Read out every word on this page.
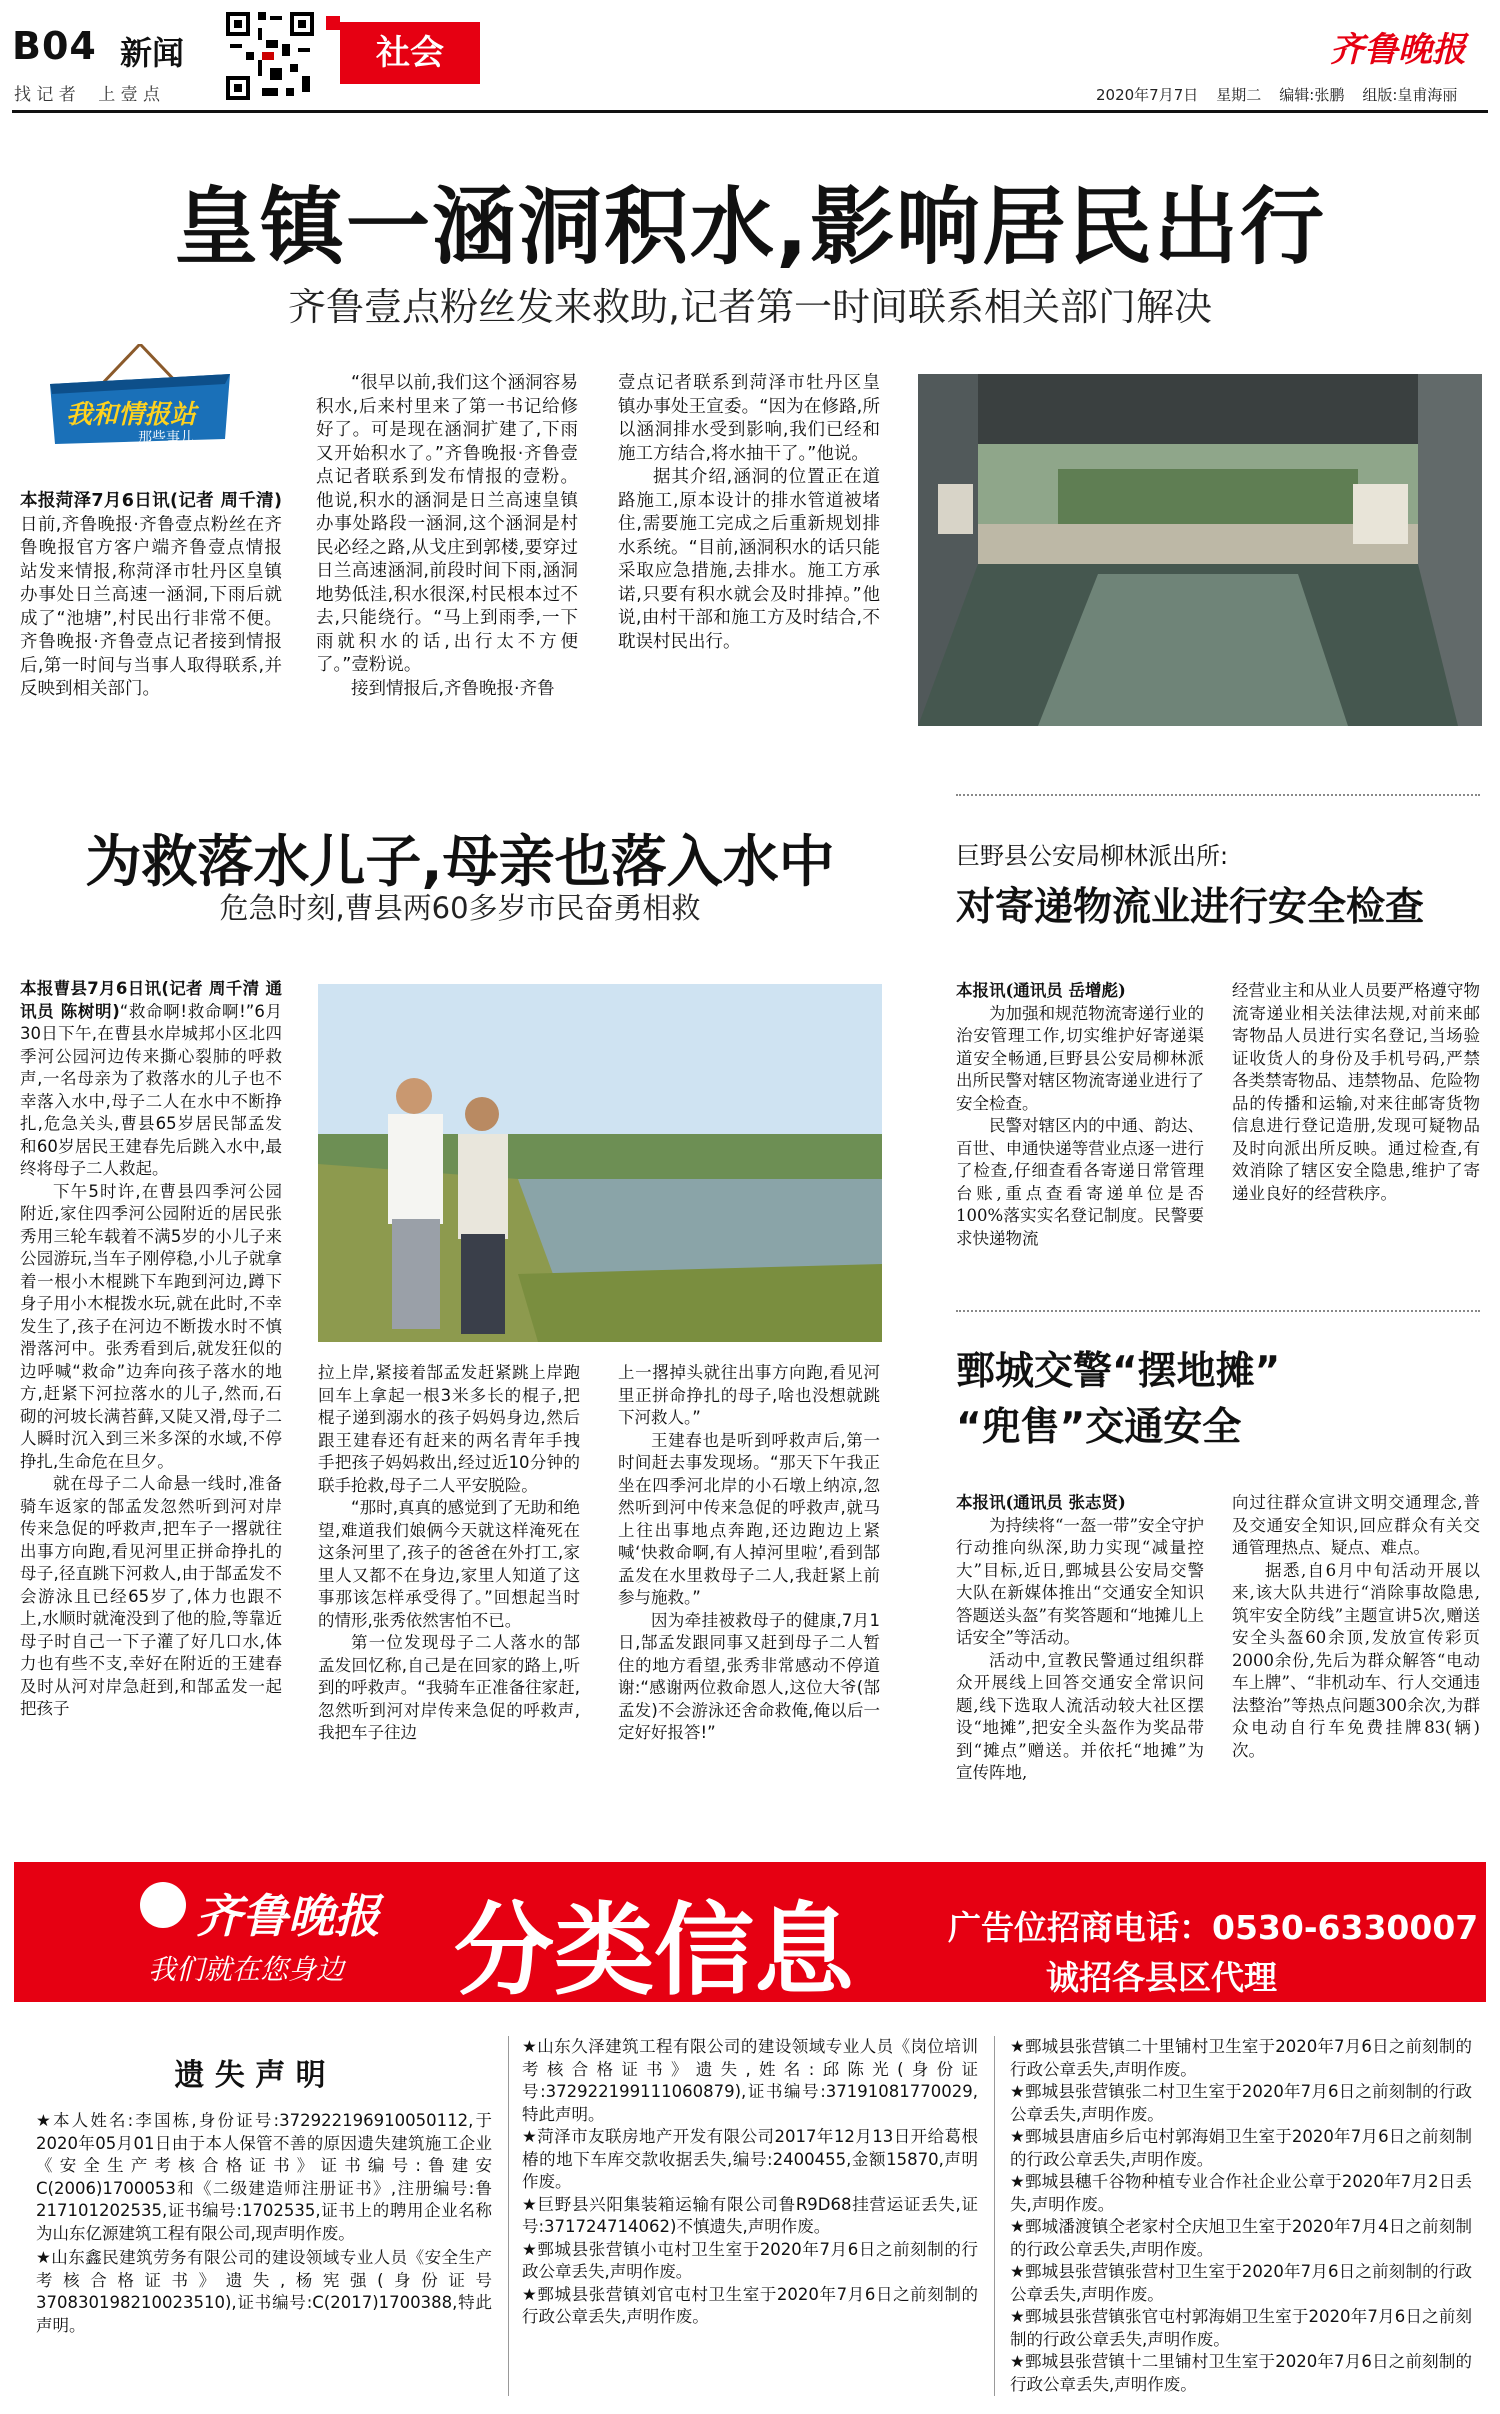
B04 新闻
找 记 者　 上 壹 点
社会	齐鲁晚报
2020年7月7日 星期二 编辑:张鹏 组版:皇甫海丽
皇镇一涵洞积水,影响居民出行
齐鲁壹点粉丝发来救助,记者第一时间联系相关部门解决
我和情报站
那些事儿

本报菏泽7月6日讯(记者 周千清)日前,齐鲁晚报·齐鲁壹点粉丝在齐鲁晚报官方客户端齐鲁壹点情报站发来情报,称菏泽市牡丹区皇镇办事处日兰高速一涵洞,下雨后就成了“池塘”,村民出行非常不便。齐鲁晚报·齐鲁壹点记者接到情报后,第一时间与当事人取得联系,并反映到相关部门。

“很早以前,我们这个涵洞容易积水,后来村里来了第一书记给修好了。可是现在涵洞扩建了,下雨又开始积水了。”齐鲁晚报·齐鲁壹点记者联系到发布情报的壹粉。他说,积水的涵洞是日兰高速皇镇办事处路段一涵洞,这个涵洞是村民必经之路,从戈庄到郭楼,要穿过日兰高速涵洞,前段时间下雨,涵洞地势低洼,积水很深,村民根本过不去,只能绕行。“马上到雨季,一下雨就积水的话,出行太不方便了。”壹粉说。

接到情报后,齐鲁晚报·齐鲁

壹点记者联系到菏泽市牡丹区皇镇办事处王宣委。“因为在修路,所以涵洞排水受到影响,我们已经和施工方结合,将水抽干了。”他说。

据其介绍,涵洞的位置正在道路施工,原本设计的排水管道被堵住,需要施工完成之后重新规划排水系统。“目前,涵洞积水的话只能采取应急措施,去排水。施工方承诺,只要有积水就会及时排掉。”他说,由村干部和施工方及时结合,不耽误村民出行。

为救落水儿子,母亲也落入水中
危急时刻,曹县两60多岁市民奋勇相救

本报曹县7月6日讯(记者 周千清 通讯员 陈树明)“救命啊!救命啊!”6月30日下午,在曹县水岸城邦小区北四季河公园河边传来撕心裂肺的呼救声,一名母亲为了救落水的儿子也不幸落入水中,母子二人在水中不断挣扎,危急关头,曹县65岁居民郜孟发和60岁居民王建春先后跳入水中,最终将母子二人救起。

下午5时许,在曹县四季河公园附近,家住四季河公园附近的居民张秀用三轮车载着不满5岁的小儿子来公园游玩,当车子刚停稳,小儿子就拿着一根小木棍跳下车跑到河边,蹲下身子用小木棍拨水玩,就在此时,不幸发生了,孩子在河边不断拨水时不慎滑落河中。张秀看到后,就发狂似的边呼喊“救命”边奔向孩子落水的地方,赶紧下河拉落水的儿子,然而,石砌的河坡长满苔藓,又陡又滑,母子二人瞬时沉入到三米多深的水域,不停挣扎,生命危在旦夕。

就在母子二人命悬一线时,准备骑车返家的郜孟发忽然听到河对岸传来急促的呼救声,把车子一撂就往出事方向跑,看见河里正拼命挣扎的母子,径直跳下河救人,由于郜孟发不会游泳且已经65岁了,体力也跟不上,水顺时就淹没到了他的脸,等靠近母子时自己一下子灌了好几口水,体力也有些不支,幸好在附近的王建春及时从河对岸急赶到,和郜孟发一起把孩子

拉上岸,紧接着郜孟发赶紧跳上岸跑回车上拿起一根3米多长的棍子,把棍子递到溺水的孩子妈妈身边,然后跟王建春还有赶来的两名青年手拽手把孩子妈妈救出,经过近10分钟的联手抢救,母子二人平安脱险。

“那时,真真的感觉到了无助和绝望,难道我们娘俩今天就这样淹死在这条河里了,孩子的爸爸在外打工,家里人又都不在身边,家里人知道了这事那该怎样承受得了。”回想起当时的情形,张秀依然害怕不已。

第一位发现母子二人落水的郜孟发回忆称,自己是在回家的路上,听到的呼救声。“我骑车正准备往家赶,忽然听到河对岸传来急促的呼救声,我把车子往边

上一撂掉头就往出事方向跑,看见河里正拼命挣扎的母子,啥也没想就跳下河救人。”

王建春也是听到呼救声后,第一时间赶去事发现场。“那天下午我正坐在四季河北岸的小石墩上纳凉,忽然听到河中传来急促的呼救声,就马上往出事地点奔跑,还边跑边上紧喊‘快救命啊,有人掉河里啦’,看到郜孟发在水里救母子二人,我赶紧上前参与施救。”

因为牵挂被救母子的健康,7月1日,郜孟发跟同事又赶到母子二人暂住的地方看望,张秀非常感动不停道谢:“感谢两位救命恩人,这位大爷(郜孟发)不会游泳还舍命救俺,俺以后一定好好报答!”

巨野县公安局柳林派出所:
对寄递物流业进行安全检查

本报讯(通讯员 岳增彪)

为加强和规范物流寄递行业的治安管理工作,切实维护好寄递渠道安全畅通,巨野县公安局柳林派出所民警对辖区物流寄递业进行了安全检查。

民警对辖区内的中通、韵达、百世、申通快递等营业点逐一进行了检查,仔细查看各寄递日常管理台账,重点查看寄递单位是否100%落实实名登记制度。民警要求快递物流

经营业主和从业人员要严格遵守物流寄递业相关法律法规,对前来邮寄物品人员进行实名登记,当场验证收货人的身份及手机号码,严禁各类禁寄物品、违禁物品、危险物品的传播和运输,对来往邮寄货物信息进行登记造册,发现可疑物品及时向派出所反映。通过检查,有效消除了辖区安全隐患,维护了寄递业良好的经营秩序。

鄄城交警“摆地摊”
“兜售”交通安全

本报讯(通讯员 张志贤)

为持续将“一盔一带”安全守护行动推向纵深,助力实现“减量控大”目标,近日,鄄城县公安局交警大队在新媒体推出“交通安全知识答题送头盔”有奖答题和“地摊儿上话安全”等活动。

活动中,宣教民警通过组织群众开展线上回答交通安全常识问题,线下选取人流活动较大社区摆设“地摊”,把安全头盔作为奖品带到“摊点”赠送。并依托“地摊”为宣传阵地,

向过往群众宣讲文明交通理念,普及交通安全知识,回应群众有关交通管理热点、疑点、难点。

据悉,自6月中旬活动开展以来,该大队共进行“消除事故隐患,筑牢安全防线”主题宣讲5次,赠送安全头盔60余顶,发放宣传彩页2000余份,先后为群众解答“电动车上牌”、“非机动车、行人交通违法整治”等热点问题300余次,为群众电动自行车免费挂牌83(辆)次。

齐鲁晚报
我们就在您身边 分类信息	广告位招商电话：0530-6330007
诚招各县区代理
遗 失 声 明
★本人姓名:李国栋,身份证号:372922196910050112,于2020年05月01日由于本人保管不善的原因遗失建筑施工企业《安全生产考核合格证书》证书编号:鲁建安C(2006)1700053和《二级建造师注册证书》,注册编号:鲁217101202535,证书编号:1702535,证书上的聘用企业名称为山东亿源建筑工程有限公司,现声明作废。
★山东鑫民建筑劳务有限公司的建设领域专业人员《安全生产考核合格证书》遗失,杨宪强(身份证号370830198210023510),证书编号:C(2017)1700388,特此声明。
★山东久泽建筑工程有限公司的建设领域专业人员《岗位培训考核合格证书》遗失,姓名:邱陈光(身份证号:372922199111060879),证书编号:37191081770029,特此声明。
★菏泽市友联房地产开发有限公司2017年12月13日开给葛根椿的地下车库交款收据丢失,编号:2400455,金额15870,声明作废。
★巨野县兴阳集装箱运输有限公司鲁R9D68挂营运证丢失,证号:371724714062)不慎遗失,声明作废。
★鄄城县张营镇小屯村卫生室于2020年7月6日之前刻制的行政公章丢失,声明作废。
★鄄城县张营镇刘官屯村卫生室于2020年7月6日之前刻制的行政公章丢失,声明作废。
★鄄城县张营镇二十里铺村卫生室于2020年7月6日之前刻制的行政公章丢失,声明作废。
★鄄城县张营镇张二村卫生室于2020年7月6日之前刻制的行政公章丢失,声明作废。
★鄄城县唐庙乡后屯村郭海娟卫生室于2020年7月6日之前刻制的行政公章丢失,声明作废。
★鄄城县穗千谷物种植专业合作社企业公章于2020年7月2日丢失,声明作废。
★鄄城潘渡镇仝老家村仝庆旭卫生室于2020年7月4日之前刻制的行政公章丢失,声明作废。
★鄄城县张营镇张营村卫生室于2020年7月6日之前刻制的行政公章丢失,声明作废。
★鄄城县张营镇张官屯村郭海娟卫生室于2020年7月6日之前刻制的行政公章丢失,声明作废。
★鄄城县张营镇十二里铺村卫生室于2020年7月6日之前刻制的行政公章丢失,声明作废。
